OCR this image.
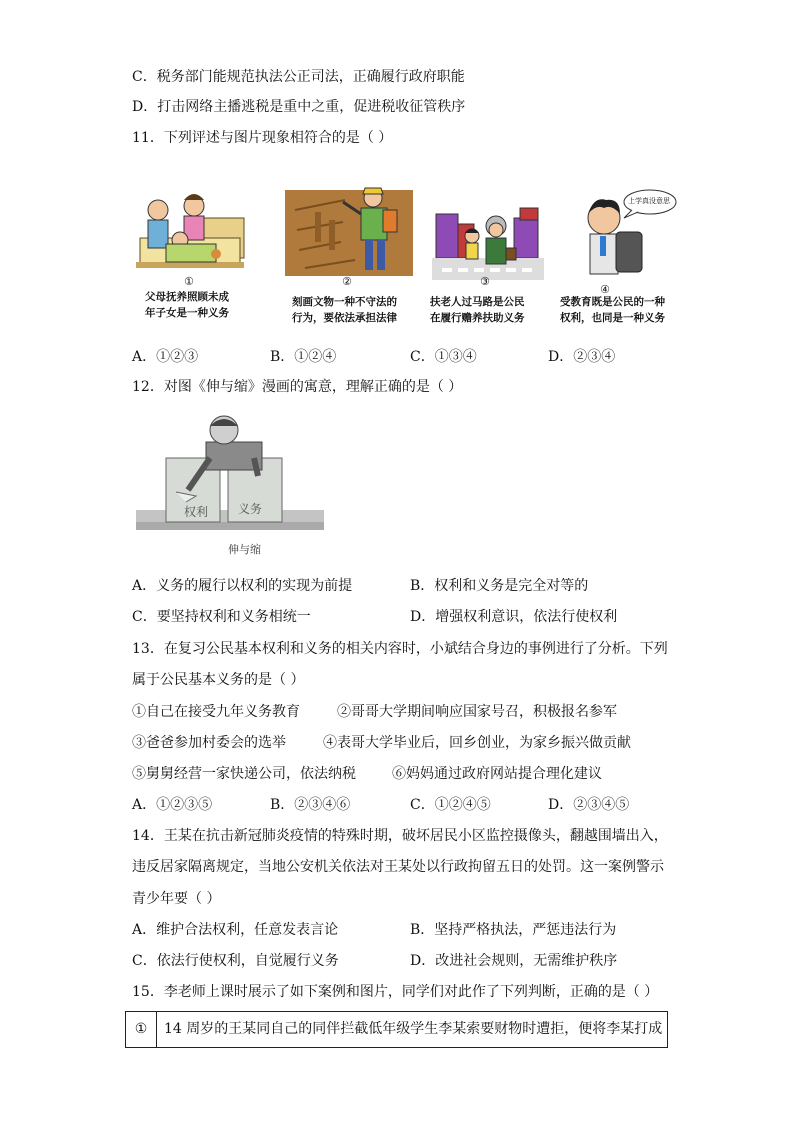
C．税务部门能规范执法公正司法，正确履行政府职能
D．打击网络主播逃税是重中之重，促进税收征管秩序
11．下列评述与图片现象相符合的是（ ）
①
父母抚养照顾未成
年子女是一种义务
②
刻画文物一种不守法的
行为，要依法承担法律
③
扶老人过马路是公民
在履行赡养扶助义务
上学真没意思
④
受教育既是公民的一种
权利，也同是一种义务
A．①②③	B．①②④	C．①③④	D．②③④
12．对图《伸与缩》漫画的寓意，理解正确的是（ ）
权利 义务
伸与缩
A．义务的履行以权利的实现为前提	B．权利和义务是完全对等的
C．要坚持权利和义务相统一	D．增强权利意识，依法行使权利
13．在复习公民基本权利和义务的相关内容时，小斌结合身边的事例进行了分析。下列
属于公民基本义务的是（ ）
①自己在接受九年义务教育	②哥哥大学期间响应国家号召，积极报名参军
③爸爸参加村委会的选举	④表哥大学毕业后，回乡创业，为家乡振兴做贡献
⑤舅舅经营一家快递公司，依法纳税	⑥妈妈通过政府网站提合理化建议
A．①②③⑤	B．②③④⑥	C．①②④⑤	D．②③④⑤
14．王某在抗击新冠肺炎疫情的特殊时期，破坏居民小区监控摄像头，翻越围墙出入，
违反居家隔离规定，当地公安机关依法对王某处以行政拘留五日的处罚。这一案例警示
青少年要（ ）
A．维护合法权利，任意发表言论	B．坚持严格执法，严惩违法行为
C．依法行使权利，自觉履行义务	D．改进社会规则，无需维护秩序
15．李老师上课时展示了如下案例和图片，同学们对此作了下列判断，正确的是（ ）
①	14 周岁的王某同自己的同伴拦截低年级学生李某索要财物时遭拒，便将李某打成
